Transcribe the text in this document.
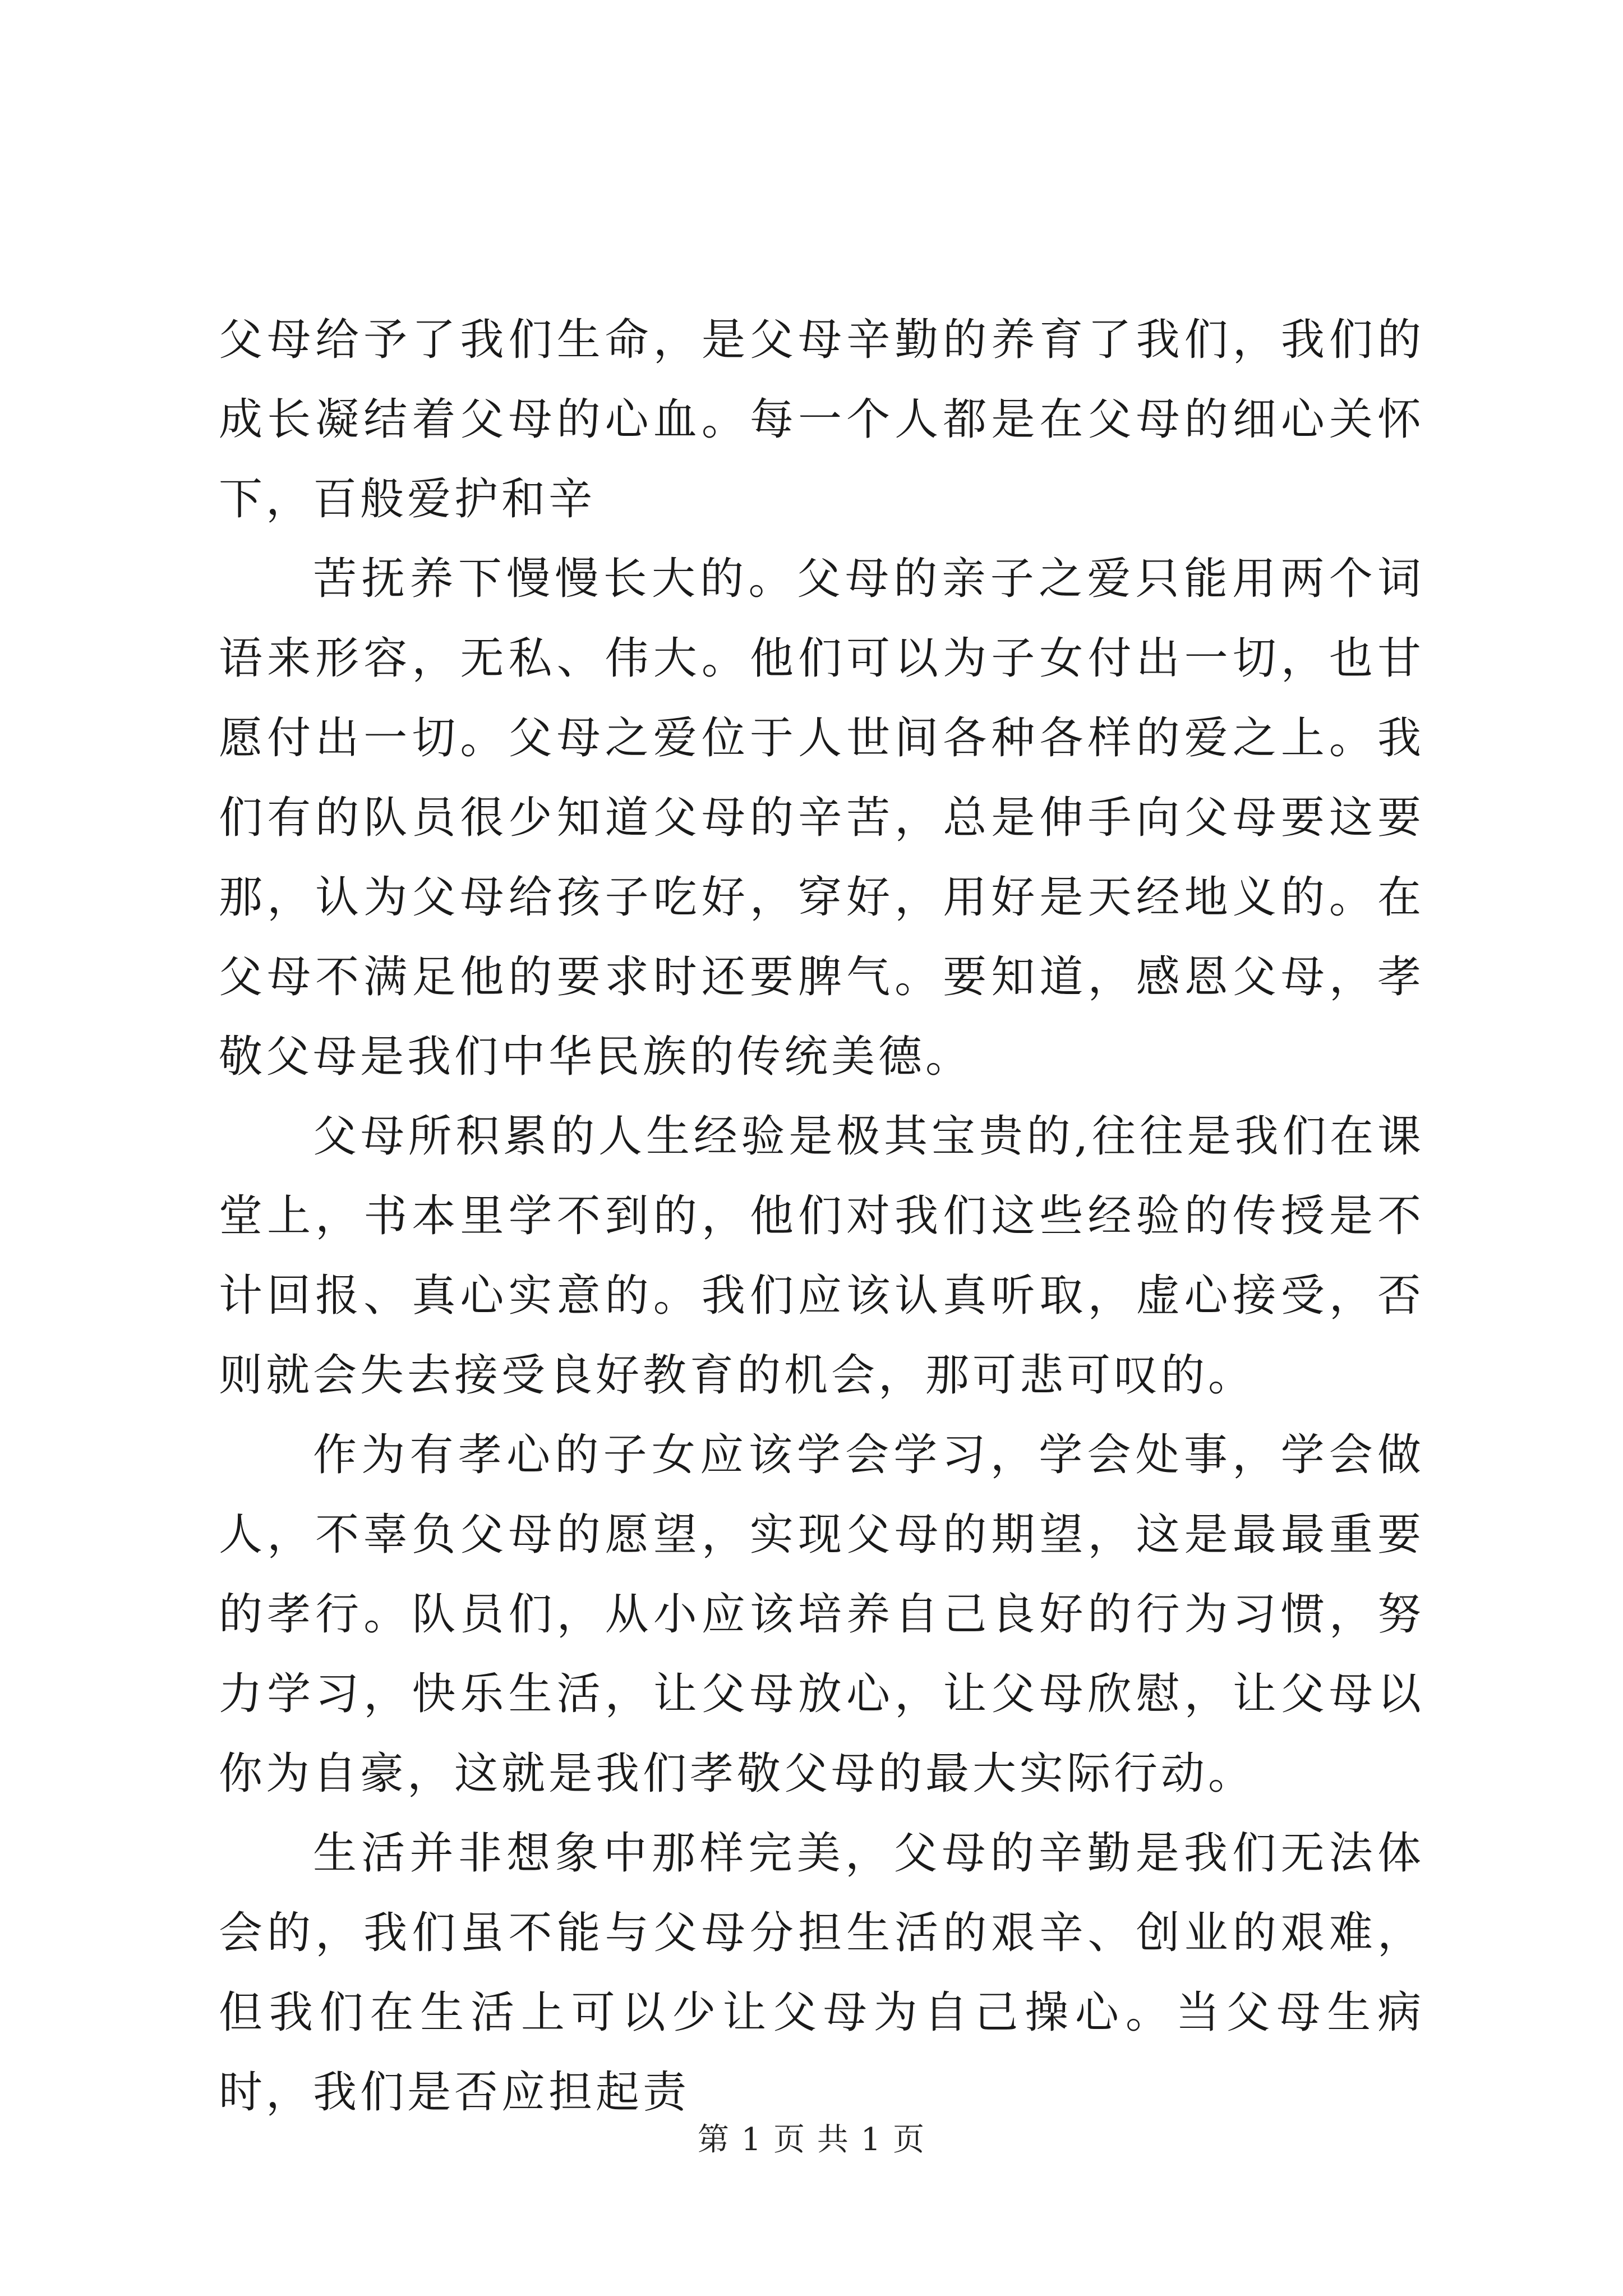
父母给予了我们生命，是父母辛勤的养育了我们，我们的成长凝结着父母的心血。每一个人都是在父母的细心关怀下，百般爱护和辛

苦抚养下慢慢长大的。父母的亲子之爱只能用两个词语来形容，无私、伟大。他们可以为子女付出一切，也甘愿付出一切。父母之爱位于人世间各种各样的爱之上。我们有的队员很少知道父母的辛苦，总是伸手向父母要这要那，认为父母给孩子吃好，穿好，用好是天经地义的。在父母不满足他的要求时还要脾气。要知道，感恩父母，孝敬父母是我们中华民族的传统美德。

父母所积累的人生经验是极其宝贵的,往往是我们在课堂上，书本里学不到的，他们对我们这些经验的传授是不计回报、真心实意的。我们应该认真听取，虚心接受，否则就会失去接受良好教育的机会，那可悲可叹的。

作为有孝心的子女应该学会学习，学会处事，学会做人，不辜负父母的愿望，实现父母的期望，这是最最重要的孝行。队员们，从小应该培养自己良好的行为习惯，努力学习，快乐生活，让父母放心，让父母欣慰，让父母以你为自豪，这就是我们孝敬父母的最大实际行动。

生活并非想象中那样完美，父母的辛勤是我们无法体会的，我们虽不能与父母分担生活的艰辛、创业的艰难，但我们在生活上可以少让父母为自己操心。当父母生病时，我们是否应担起责

第 1 页 共 1 页
